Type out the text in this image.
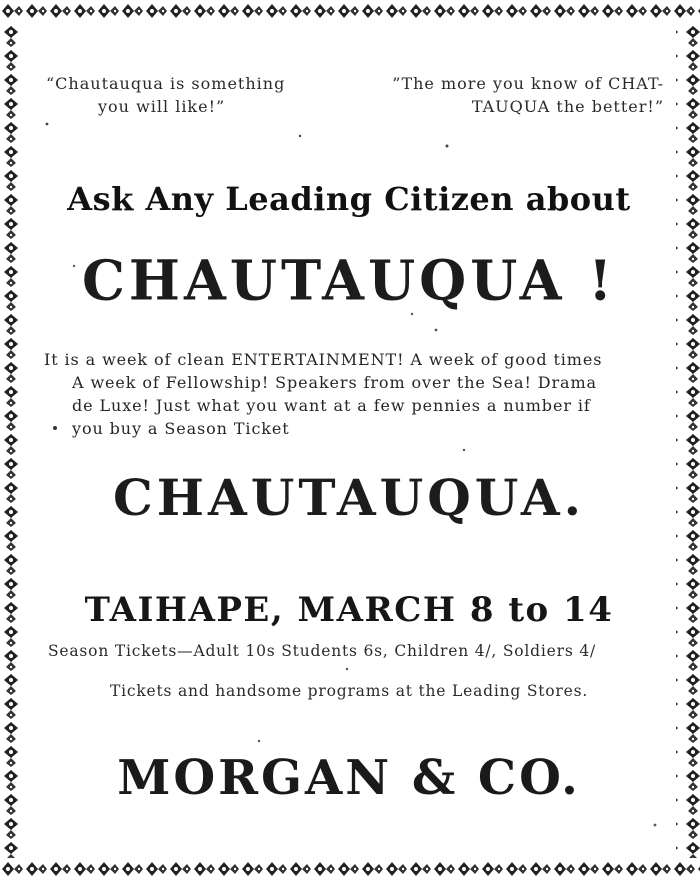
“Chautauqua is something
you will like!”
”The more you know of CHAT-
TAUQUA the better!”
Ask Any Leading Citizen about
CHAUTAUQUA !
It is a week of clean ENTERTAINMENT! A week of good times
A week of Fellowship! Speakers from over the Sea! Drama
de Luxe! Just what you want at a few pennies a number if
you buy a Season Ticket
CHAUTAUQUA.
TAIHAPE, MARCH 8 to 14
Season Tickets—Adult 10s Students 6s, Children 4/, Soldiers 4/
Tickets and handsome programs at the Leading Stores.
MORGAN & CO.
